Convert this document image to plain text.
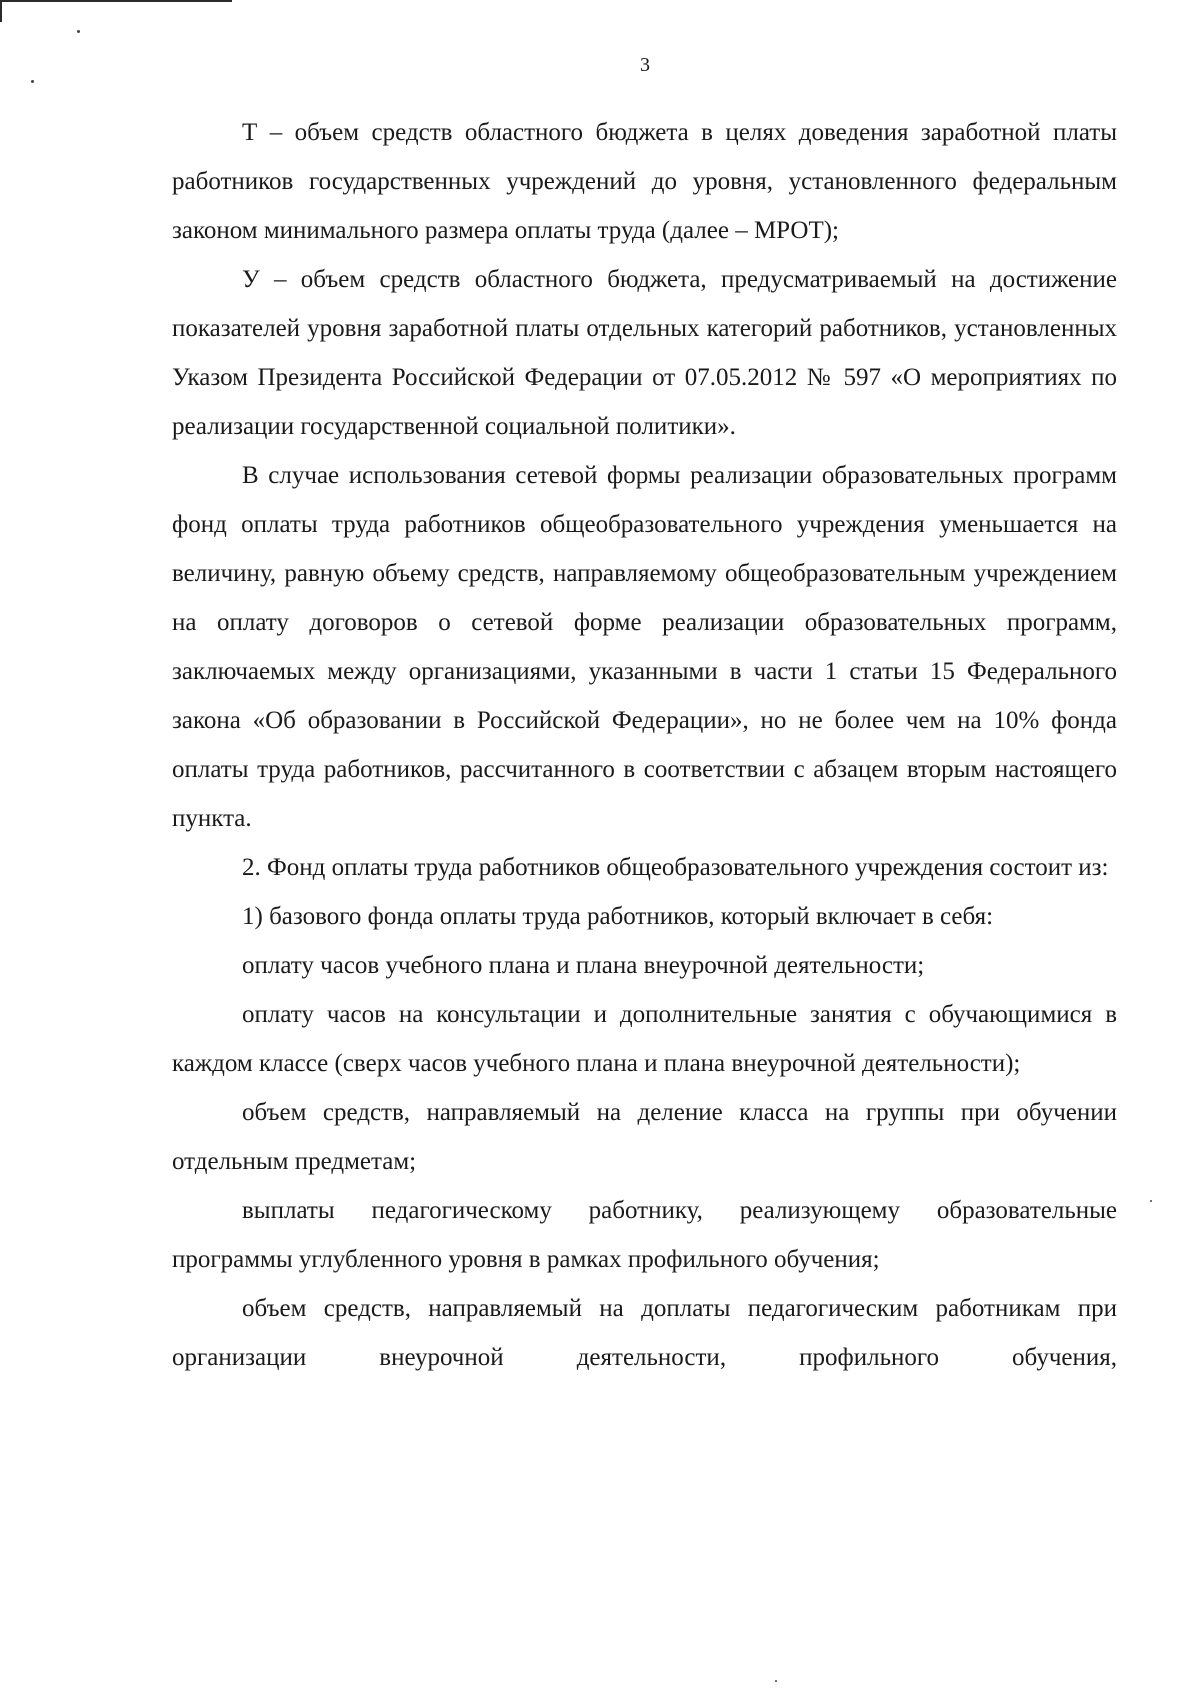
3

Т – объем средств областного бюджета в целях доведения заработной платы работников государственных учреждений до уровня, установленного федеральным законом минимального размера оплаты труда (далее – МРОТ);

У – объем средств областного бюджета, предусматриваемый на достижение показателей уровня заработной платы отдельных категорий работников, установленных Указом Президента Российской Федерации от 07.05.2012 № 597 «О мероприятиях по реализации государственной социальной политики».

В случае использования сетевой формы реализации образовательных программ фонд оплаты труда работников общеобразовательного учреждения уменьшается на величину, равную объему средств, направляемому общеобразовательным учреждением на оплату договоров о сетевой форме реализации образовательных программ, заключаемых между организациями, указанными в части 1 статьи 15 Федерального закона «Об образовании в Российской Федерации», но не более чем на 10% фонда оплаты труда работников, рассчитанного в соответствии с абзацем вторым настоящего пункта.

2. Фонд оплаты труда работников общеобразовательного учреждения состоит из:

1) базового фонда оплаты труда работников, который включает в себя:

оплату часов учебного плана и плана внеурочной деятельности;

оплату часов на консультации и дополнительные занятия с обучающимися в каждом классе (сверх часов учебного плана и плана внеурочной деятельности);

объем средств, направляемый на деление класса на группы при обучении отдельным предметам;

выплаты педагогическому работнику, реализующему образовательные программы углубленного уровня в рамках профильного обучения;

объем средств, направляемый на доплаты педагогическим работникам при организации внеурочной деятельности, профильного обучения,
